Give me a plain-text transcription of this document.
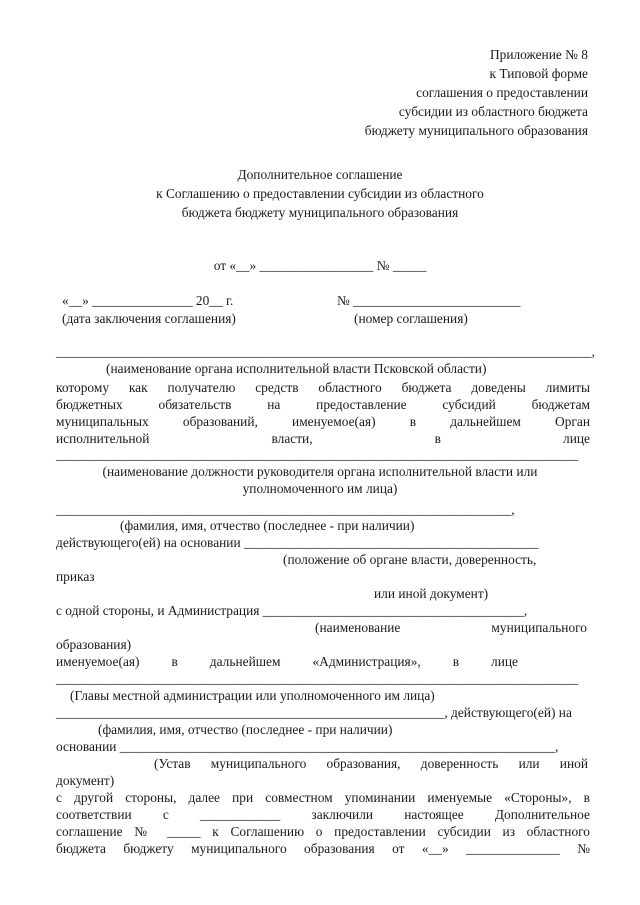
Приложение № 8
к Типовой форме
соглашения о предоставлении
субсидии из областного бюджета
бюджету муниципального образования
Дополнительное соглашение
к Соглашению о предоставлении субсидии из областного
бюджета бюджету муниципального образования
от «__» _________________ № _____
«__» _______________ 20__ г.	№ _________________________
(дата заключения соглашения)	(номер соглашения)
________________________________________________________________________________,
(наименование органа исполнительной власти Псковской области)
которому как получателю средств областного бюджета доведены лимиты
бюджетных обязательств на предоставление субсидий бюджетам
муниципальных образований, именуемое(ая) в дальнейшем Орган
исполнительной власти, в лице
______________________________________________________________________________
(наименование должности руководителя органа исполнительной власти или
уполномоченного им лица)
____________________________________________________________________,
(фамилия, имя, отчество (последнее - при наличии)
действующего(ей) на основании ____________________________________________
(положение об органе власти, доверенность,
приказ
или иной документ)
с одной стороны, и Администрация _______________________________________,
(наименование муниципального
образования)
именуемое(ая) в дальнейшем «Администрация», в лице
______________________________________________________________________________
(Главы местной администрации или уполномоченного им лица)
__________________________________________________________, действующего(ей) на
(фамилия, имя, отчество (последнее - при наличии)
основании _________________________________________________________________,
(Устав муниципального образования, доверенность или иной
документ)
с другой стороны, далее при совместном упоминании именуемые «Стороны», в
соответствии с ____________ заключили настоящее Дополнительное
соглашение № _____ к Соглашению о предоставлении субсидии из областного
бюджета бюджету муниципального образования от «__» ______________ №
